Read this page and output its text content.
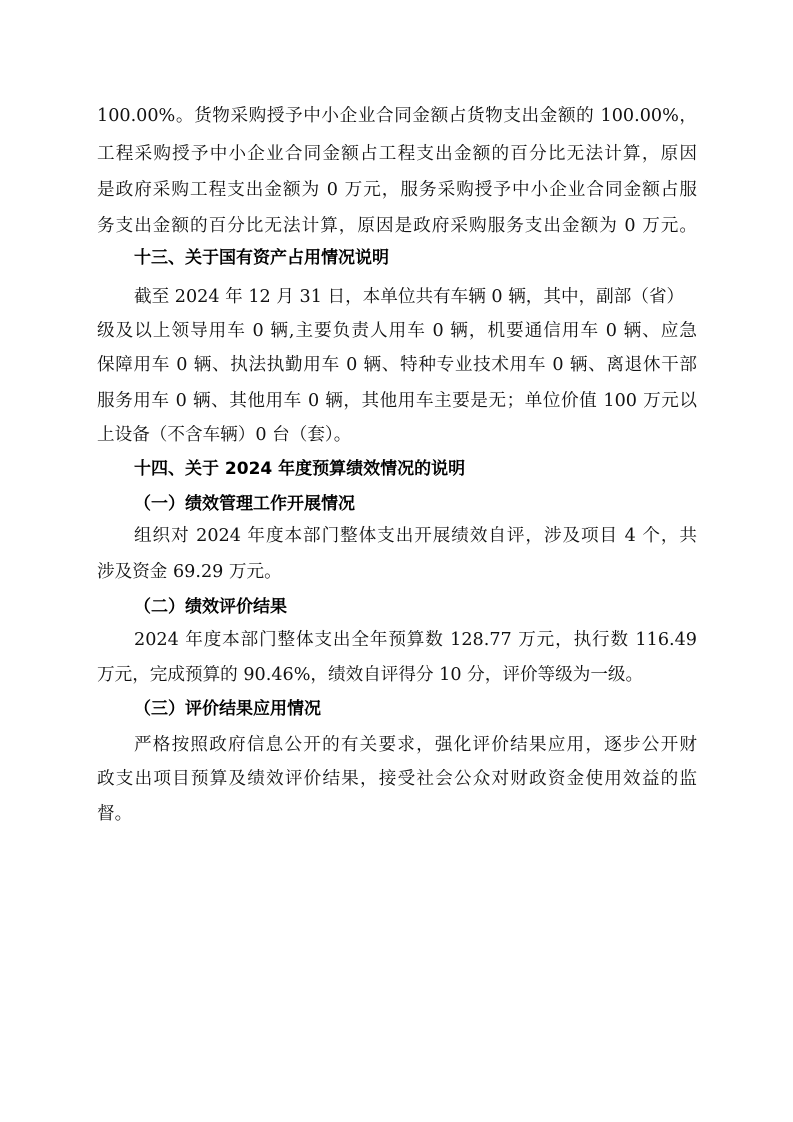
100.00%。货物采购授予中小企业合同金额占货物支出金额的 100.00%，
工程采购授予中小企业合同金额占工程支出金额的百分比无法计算，原因
是政府采购工程支出金额为 0 万元，服务采购授予中小企业合同金额占服
务支出金额的百分比无法计算，原因是政府采购服务支出金额为 0 万元。
十三、关于国有资产占用情况说明
截至 2024 年 12 月 31 日，本单位共有车辆 0 辆，其中，副部（省）
级及以上领导用车 0 辆,主要负责人用车 0 辆，机要通信用车 0 辆、应急
保障用车 0 辆、执法执勤用车 0 辆、特种专业技术用车 0 辆、离退休干部
服务用车 0 辆、其他用车 0 辆，其他用车主要是无；单位价值 100 万元以
上设备（不含车辆）0 台（套）。
十四、关于 2024 年度预算绩效情况的说明
（一）绩效管理工作开展情况
组织对 2024 年度本部门整体支出开展绩效自评，涉及项目 4 个，共
涉及资金 69.29 万元。
（二）绩效评价结果
2024 年度本部门整体支出全年预算数 128.77 万元，执行数 116.49
万元，完成预算的 90.46%，绩效自评得分 10 分，评价等级为一级。
（三）评价结果应用情况
严格按照政府信息公开的有关要求，强化评价结果应用，逐步公开财
政支出项目预算及绩效评价结果，接受社会公众对财政资金使用效益的监
督。
